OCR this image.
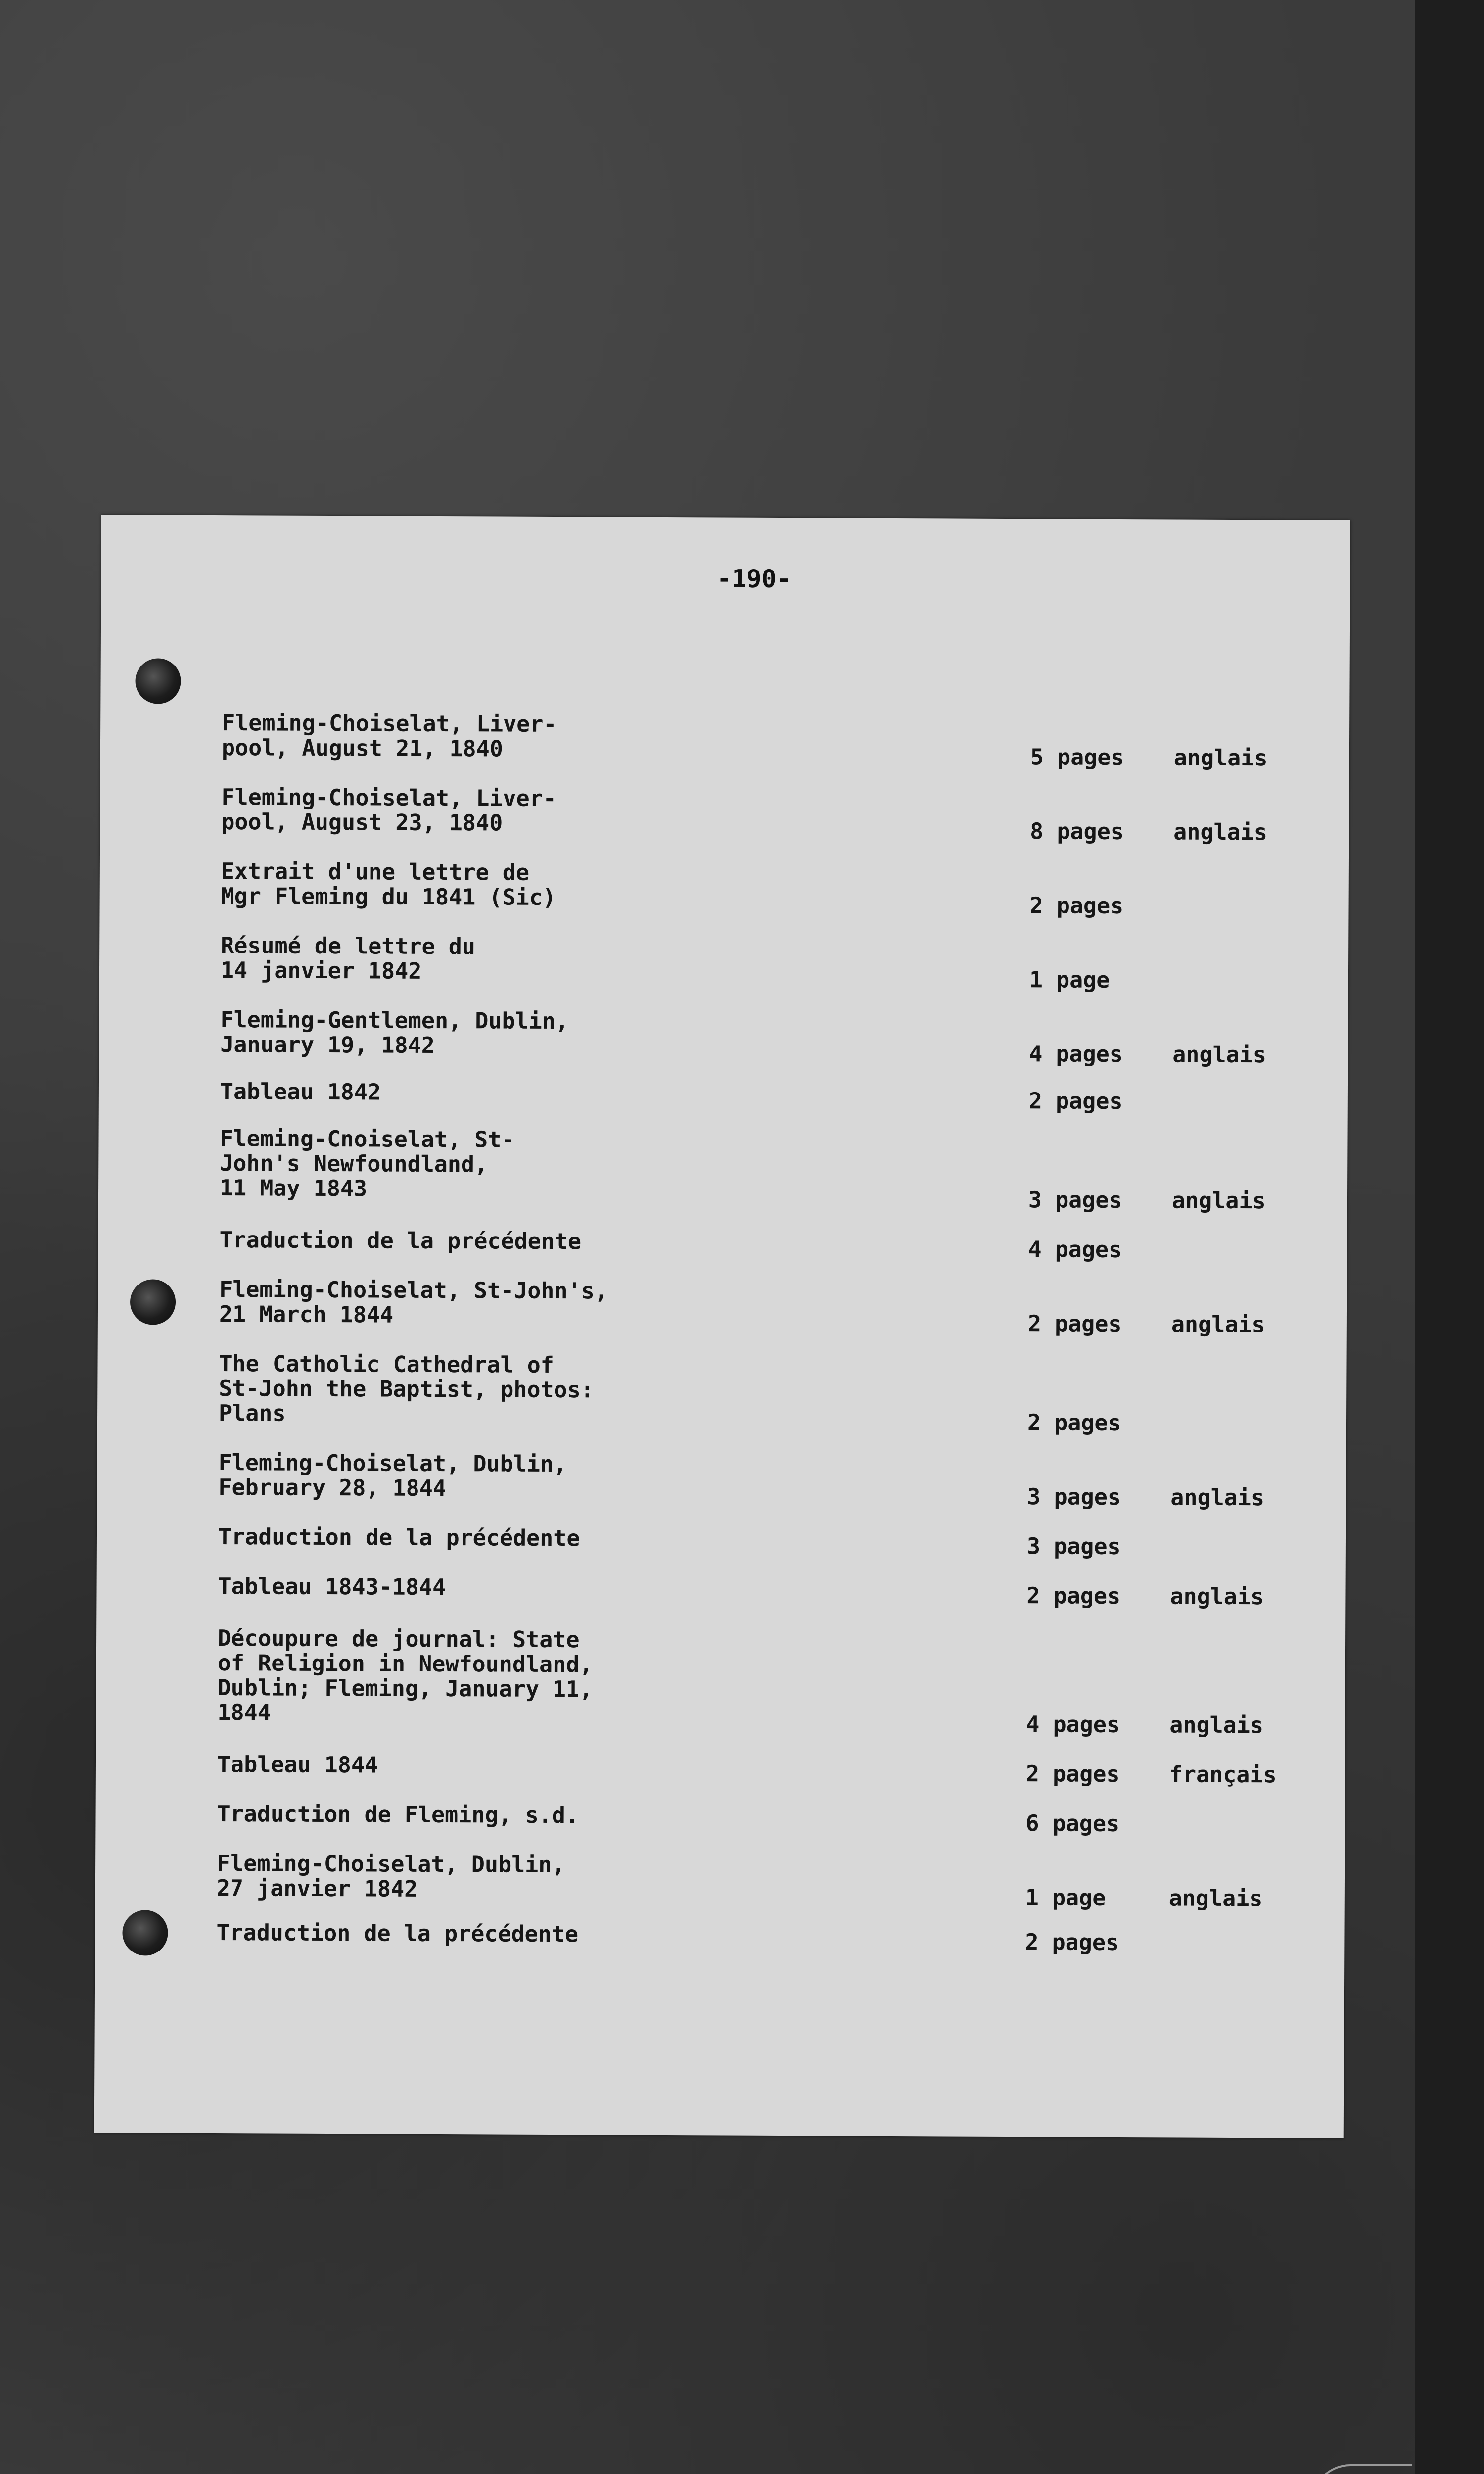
-190-
Fleming-Choiselat, Liver-
pool, August 21, 1840	5 pages	anglais
Fleming-Choiselat, Liver-
pool, August 23, 1840	8 pages	anglais
Extrait d'une lettre de
Mgr Fleming du 1841 (Sic)	2 pages
Résumé de lettre du
14 janvier 1842	1 page
Fleming-Gentlemen, Dublin,
January 19, 1842	4 pages	anglais
Tableau 1842	2 pages
Fleming-Cnoiselat, St-
John's Newfoundland,
11 May 1843	3 pages	anglais
Traduction de la précédente	4 pages
Fleming-Choiselat, St-John's,
21 March 1844	2 pages	anglais
The Catholic Cathedral of
St-John the Baptist, photos:
Plans	2 pages
Fleming-Choiselat, Dublin,
February 28, 1844	3 pages	anglais
Traduction de la précédente	3 pages
Tableau 1843-1844	2 pages	anglais
Découpure de journal: State
of Religion in Newfoundland,
Dublin; Fleming, January 11,
1844	4 pages	anglais
Tableau 1844	2 pages	français
Traduction de Fleming, s.d.	6 pages
Fleming-Choiselat, Dublin,
27 janvier 1842	1 page	anglais
Traduction de la précédente	2 pages
